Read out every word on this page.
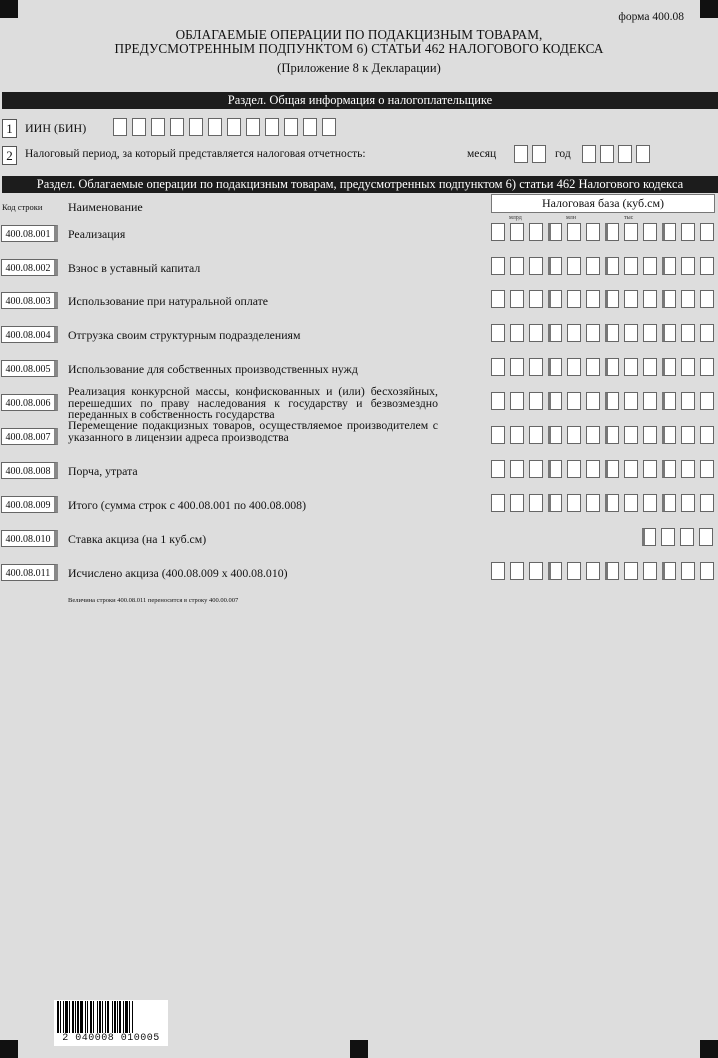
форма 400.08
ОБЛАГАЕМЫЕ ОПЕРАЦИИ ПО ПОДАКЦИЗНЫМ ТОВАРАМ,
ПРЕДУСМОТРЕННЫМ ПОДПУНКТОМ 6) СТАТЬИ 462 НАЛОГОВОГО КОДЕКСА
(Приложение 8 к Декларации)
Раздел. Общая информация о налогоплательщике
1	ИИН (БИН)
2	Налоговый период, за который представляется налоговая отчетность:	месяц	год
Раздел. Облагаемые операции по подакцизным товарам, предусмотренных подпунктом 6) статьи 462 Налогового кодекса
Код строки Наименование	Налоговая база (куб.см)
млрд	млн	тыс
400.08.001	Реализация
400.08.002	Взнос в уставный капитал
400.08.003	Использование при натуральной оплате
400.08.004	Отгрузка своим структурным подразделениям
400.08.005	Использование для собственных производственных нужд
400.08.006
Реализация конкурсной массы, конфискованных и (или) бесхозяйных, перешедших по праву наследования к государству и безвозмездно переданных в собственность государства
400.08.007
Перемещение подакцизных товаров, осуществляемое производителем с указанного в лицензии адреса производства
400.08.008	Порча, утрата
400.08.009	Итого (сумма строк с 400.08.001 по 400.08.008)
400.08.010	Ставка акциза (на 1 куб.см)
400.08.011	Исчислено акциза (400.08.009 х 400.08.010)
Величина строки 400.08.011 переносится в строку 400.00.007
2 040008 010005
